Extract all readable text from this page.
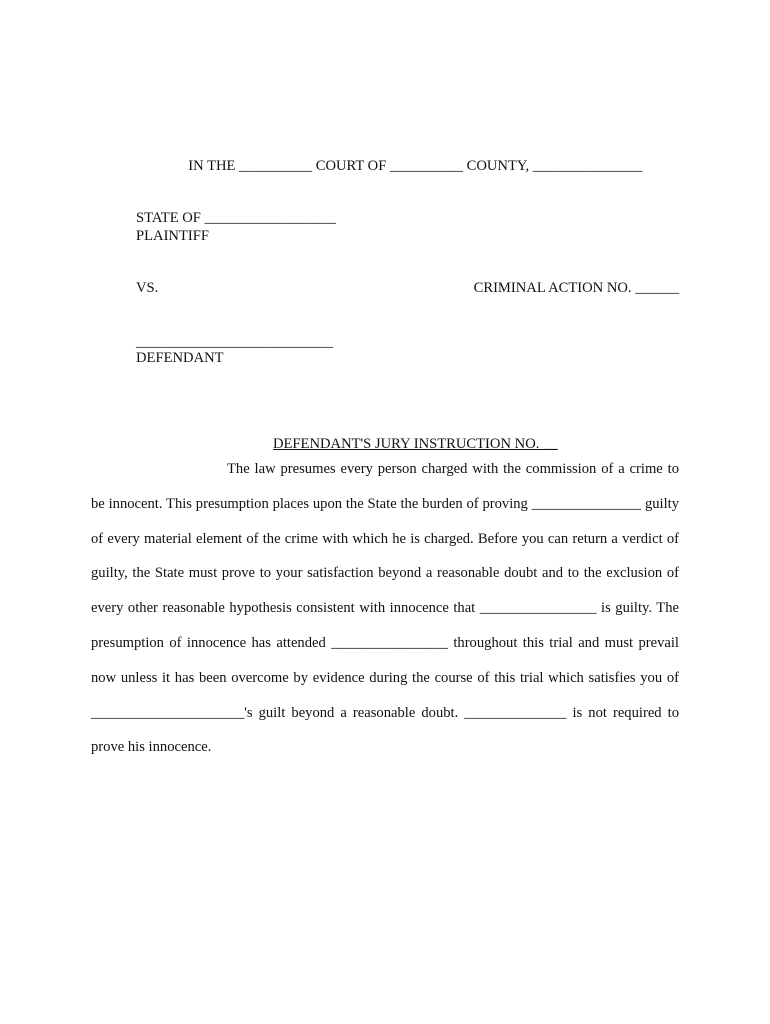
IN THE __________ COURT OF __________ COUNTY, _______________

STATE OF __________________
PLAINTIFF
VS.	CRIMINAL ACTION NO. ______
___________________________
DEFENDANT

DEFENDANT'S JURY INSTRUCTION NO. __

The law presumes every person charged with the commission of a crime to be innocent. This presumption places upon the State the burden of proving _______________ guilty of every material element of the crime with which he is charged. Before you can return a verdict of guilty, the State must prove to your satisfaction beyond a reasonable doubt and to the exclusion of every other reasonable hypothesis consistent with innocence that ________________ is guilty. The presumption of innocence has attended ________________ throughout this trial and must prevail now unless it has been overcome by evidence during the course of this trial which satisfies you of _____________________'s guilt beyond a reasonable doubt. ______________ is not required to prove his innocence.
